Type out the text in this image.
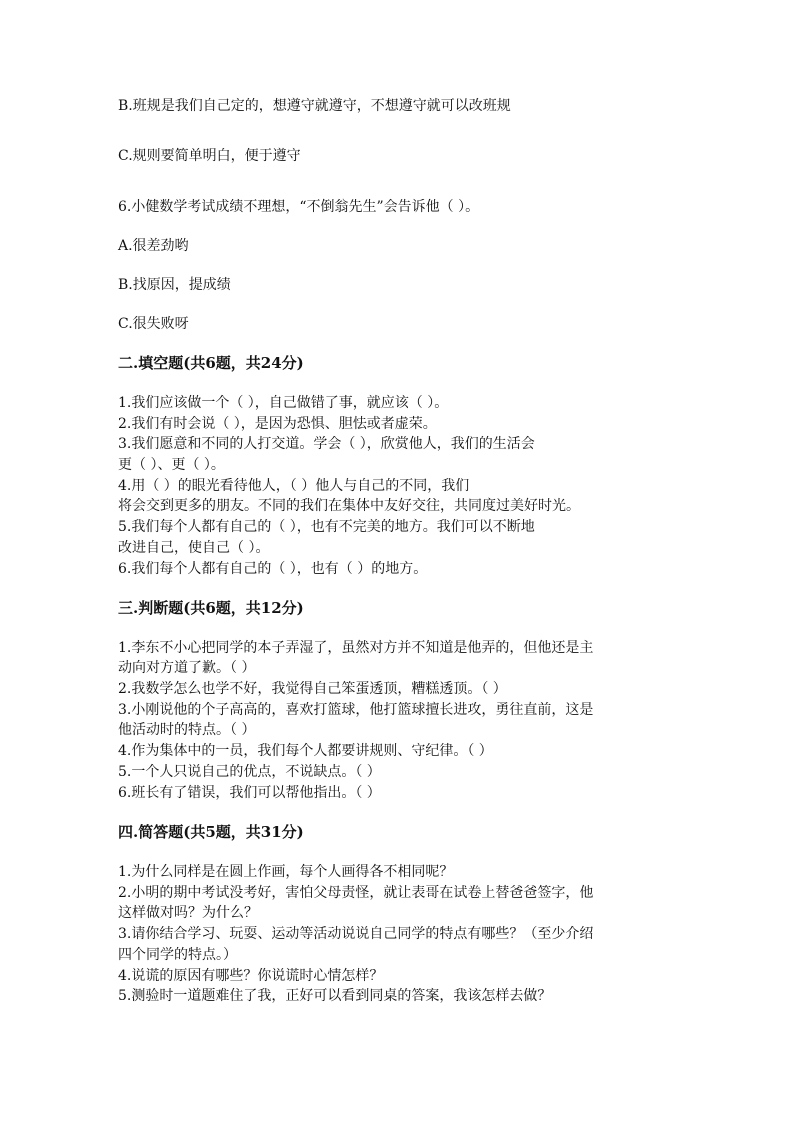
B.班规是我们自己定的，想遵守就遵守，不想遵守就可以改班规
C.规则要简单明白，便于遵守
6.小健数学考试成绩不理想，“不倒翁先生”会告诉他（ ）。
A.很差劲哟
B.找原因，提成绩
C.很失败呀
二.填空题(共6题，共24分)
1.我们应该做一个（ ），自己做错了事，就应该（ ）。
2.我们有时会说（ ），是因为恐惧、胆怯或者虚荣。
3.我们愿意和不同的人打交道。学会（ ），欣赏他人，我们的生活会
更（ ）、更（ ）。
4.用（ ）的眼光看待他人，（ ）他人与自己的不同，我们
将会交到更多的朋友。不同的我们在集体中友好交往，共同度过美好时光。
5.我们每个人都有自己的（ ），也有不完美的地方。我们可以不断地
改进自己，使自己（ ）。
6.我们每个人都有自己的（ ），也有（ ）的地方。
三.判断题(共6题，共12分)
1.李东不小心把同学的本子弄湿了，虽然对方并不知道是他弄的，但他还是主
动向对方道了歉。（ ）
2.我数学怎么也学不好，我觉得自己笨蛋透顶，糟糕透顶。（ ）
3.小刚说他的个子高高的，喜欢打篮球，他打篮球擅长进攻，勇往直前，这是
他活动时的特点。（ ）
4.作为集体中的一员，我们每个人都要讲规则、守纪律。（ ）
5.一个人只说自己的优点，不说缺点。（ ）
6.班长有了错误，我们可以帮他指出。（ ）
四.简答题(共5题，共31分)
1.为什么同样是在圆上作画，每个人画得各不相同呢？
2.小明的期中考试没考好，害怕父母责怪，就让表哥在试卷上替爸爸签字，他
这样做对吗？为什么？
3.请你结合学习、玩耍、运动等活动说说自己同学的特点有哪些？（至少介绍
四个同学的特点。）
4.说谎的原因有哪些？你说谎时心情怎样？
5.测验时一道题难住了我，正好可以看到同桌的答案，我该怎样去做？
